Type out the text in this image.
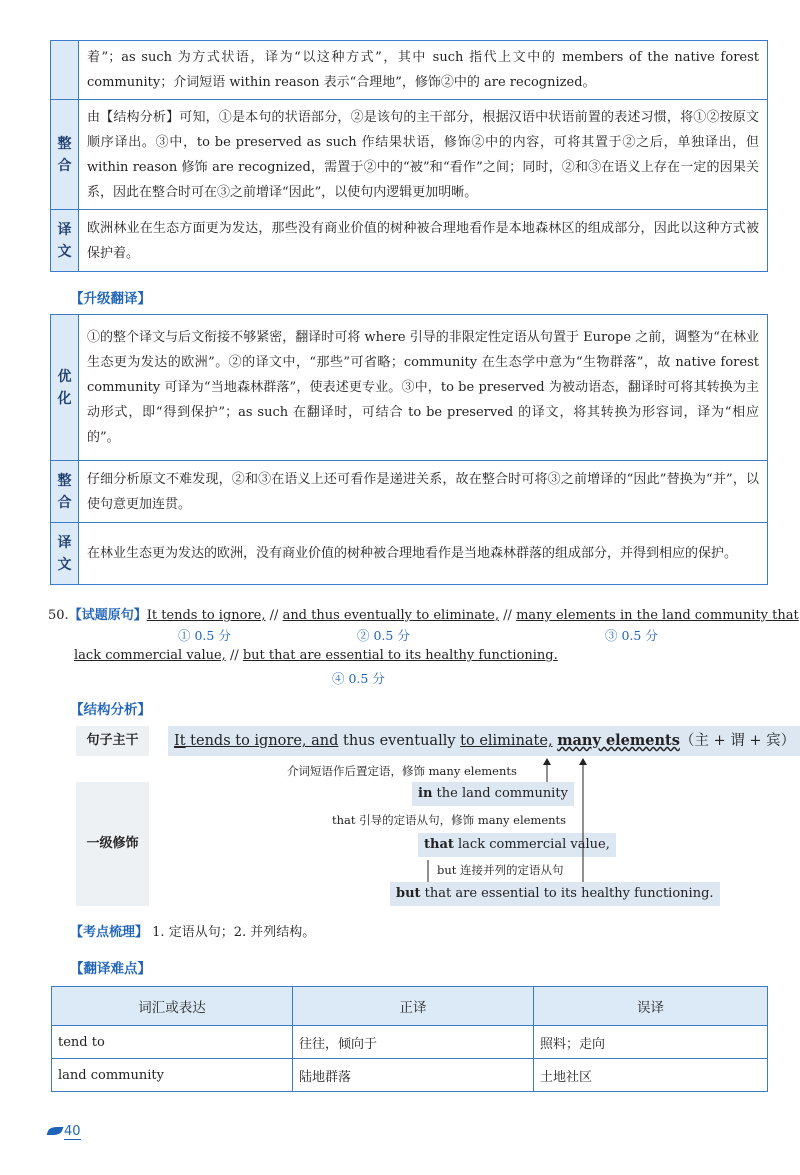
	着”；as such 为方式状语，译为“以这种方式”，其中 such 指代上文中的 members of the native forest community；介词短语 within reason 表示“合理地”，修饰②中的 are recognized。
整
合	由【结构分析】可知，①是本句的状语部分，②是该句的主干部分，根据汉语中状语前置的表述习惯，将①②按原文顺序译出。③中，to be preserved as such 作结果状语，修饰②中的内容，可将其置于②之后，单独译出，但 within reason 修饰 are recognized，需置于②中的“被”和“看作”之间；同时，②和③在语义上存在一定的因果关系，因此在整合时可在③之前增译“因此”，以使句内逻辑更加明晰。
译
文	欧洲林业在生态方面更为发达，那些没有商业价值的树种被合理地看作是本地森林区的组成部分，因此以这种方式被保护着。
【升级翻译】
优
化	①的整个译文与后文衔接不够紧密，翻译时可将 where 引导的非限定性定语从句置于 Europe 之前，调整为“在林业生态更为发达的欧洲”。②的译文中，“那些”可省略；community 在生态学中意为“生物群落”，故 native forest community 可译为“当地森林群落”，使表述更专业。③中，to be preserved 为被动语态，翻译时可将其转换为主动形式，即“得到保护”；as such 在翻译时，可结合 to be preserved 的译文，将其转换为形容词，译为“相应的”。
整
合	仔细分析原文不难发现，②和③在语义上还可看作是递进关系，故在整合时可将③之前增译的“因此”替换为“并”，以使句意更加连贯。
译
文	在林业生态更为发达的欧洲，没有商业价值的树种被合理地看作是当地森林群落的组成部分，并得到相应的保护。
50.【试题原句】It tends to ignore, // and thus eventually to eliminate, // many elements in the land community that
① 0.5 分	② 0.5 分	③ 0.5 分
lack commercial value, // but that are essential to its healthy functioning.
④ 0.5 分
【结构分析】
句子主干
一级修饰
It tends to ignore, and thus eventually to eliminate, many elements（主 + 谓 + 宾）
介词短语作后置定语，修饰 many elements
in the land community
that 引导的定语从句，修饰 many elements
that lack commercial value,
but 连接并列的定语从句
but that are essential to its healthy functioning.
【考点梳理】 1. 定语从句；2. 并列结构。
【翻译难点】
词汇或表达	正译	误译
tend to	往往，倾向于	照料；走向
land community	陆地群落	土地社区
40
